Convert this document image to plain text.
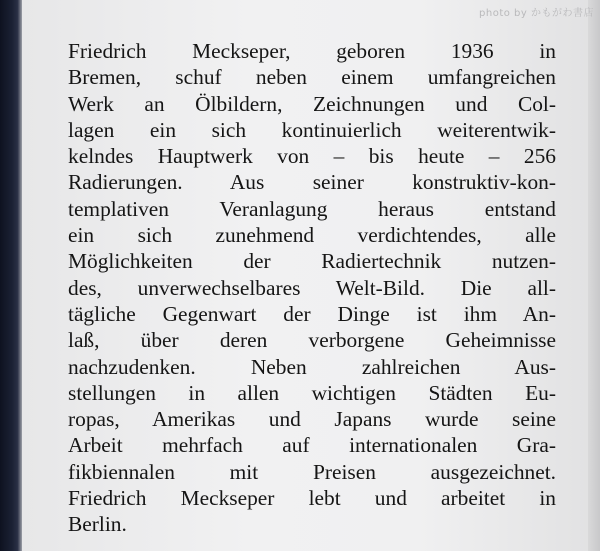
photo by かもがわ書店
Friedrich Meckseper, geboren 1936 in
Bremen, schuf neben einem umfangreichen
Werk an Ölbildern, Zeichnungen und Col-
lagen ein sich kontinuierlich weiterentwik-
kelndes Hauptwerk von – bis heute – 256
Radierungen. Aus seiner konstruktiv-kon-
templativen Veranlagung heraus entstand
ein sich zunehmend verdichtendes, alle
Möglichkeiten der Radiertechnik nutzen-
des, unverwechselbares Welt-Bild. Die all-
tägliche Gegenwart der Dinge ist ihm An-
laß, über deren verborgene Geheimnisse
nachzudenken. Neben zahlreichen Aus-
stellungen in allen wichtigen Städten Eu-
ropas, Amerikas und Japans wurde seine
Arbeit mehrfach auf internationalen Gra-
fikbiennalen mit Preisen ausgezeichnet.
Friedrich Meckseper lebt und arbeitet in
Berlin.
